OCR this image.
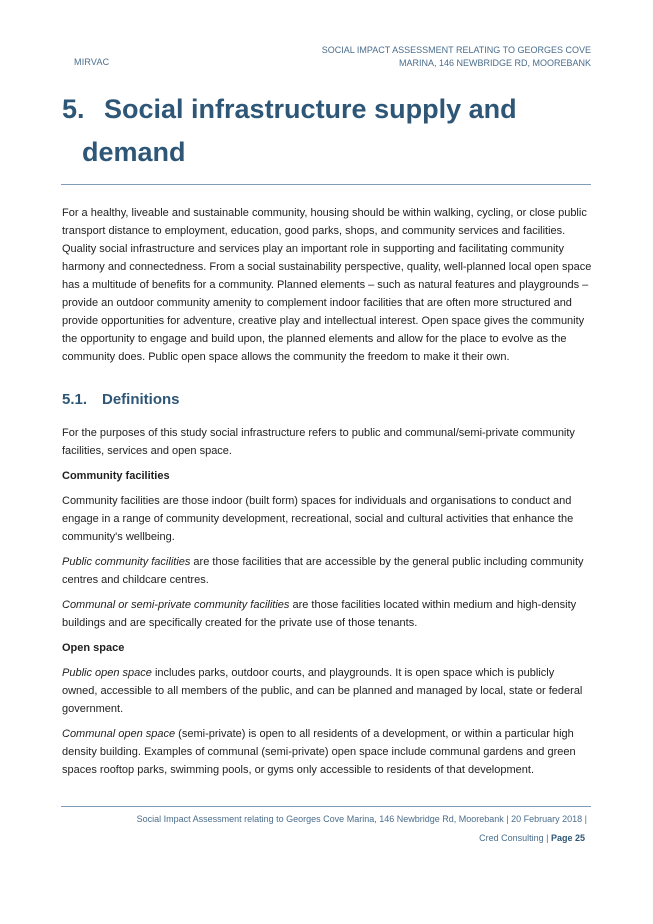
MIRVAC
SOCIAL IMPACT ASSESSMENT RELATING TO GEORGES COVE
MARINA, 146 NEWBRIDGE RD, MOOREBANK
5. Social infrastructure supply and demand

For a healthy, liveable and sustainable community, housing should be within walking, cycling, or close public transport distance to employment, education, good parks, shops, and community services and facilities. Quality social infrastructure and services play an important role in supporting and facilitating community harmony and connectedness. From a social sustainability perspective, quality, well-planned local open space has a multitude of benefits for a community. Planned elements – such as natural features and playgrounds – provide an outdoor community amenity to complement indoor facilities that are often more structured and provide opportunities for adventure, creative play and intellectual interest. Open space gives the community the opportunity to engage and build upon, the planned elements and allow for the place to evolve as the community does. Public open space allows the community the freedom to make it their own.

5.1. Definitions

For the purposes of this study social infrastructure refers to public and communal/semi-private community facilities, services and open space.

Community facilities

Community facilities are those indoor (built form) spaces for individuals and organisations to conduct and engage in a range of community development, recreational, social and cultural activities that enhance the community's wellbeing.

Public community facilities are those facilities that are accessible by the general public including community centres and childcare centres.

Communal or semi-private community facilities are those facilities located within medium and high-density buildings and are specifically created for the private use of those tenants.

Open space

Public open space includes parks, outdoor courts, and playgrounds. It is open space which is publicly owned, accessible to all members of the public, and can be planned and managed by local, state or federal government.

Communal open space (semi-private) is open to all residents of a development, or within a particular high density building. Examples of communal (semi-private) open space include communal gardens and green spaces rooftop parks, swimming pools, or gyms only accessible to residents of that development.

Social Impact Assessment relating to Georges Cove Marina, 146 Newbridge Rd, Moorebank | 20 February 2018 |
Cred Consulting | Page 25
